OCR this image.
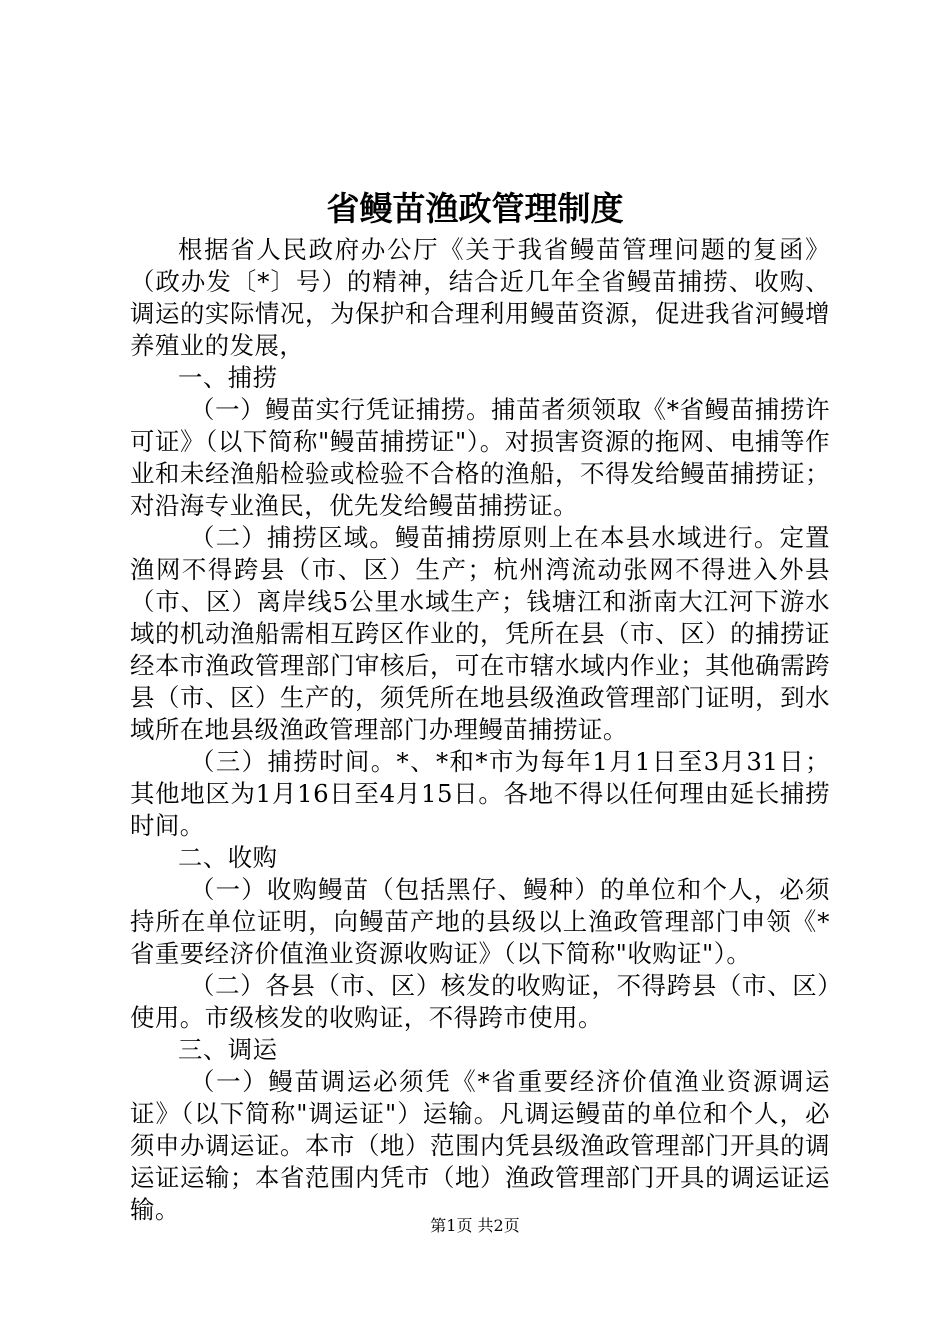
省鳗苗渔政管理制度

根据省人民政府办公厅《关于我省鳗苗管理问题的复函》（政办发〔*〕号）的精神，结合近几年全省鳗苗捕捞、收购、调运的实际情况，为保护和合理利用鳗苗资源，促进我省河鳗增养殖业的发展，

一、捕捞

（一）鳗苗实行凭证捕捞。捕苗者须领取《*省鳗苗捕捞许可证》（以下简称"鳗苗捕捞证"）。对损害资源的拖网、电捕等作业和未经渔船检验或检验不合格的渔船，不得发给鳗苗捕捞证；对沿海专业渔民，优先发给鳗苗捕捞证。

（二）捕捞区域。鳗苗捕捞原则上在本县水域进行。定置渔网不得跨县（市、区）生产；杭州湾流动张网不得进入外县（市、区）离岸线5公里水域生产；钱塘江和浙南大江河下游水域的机动渔船需相互跨区作业的，凭所在县（市、区）的捕捞证经本市渔政管理部门审核后，可在市辖水域内作业；其他确需跨县（市、区）生产的，须凭所在地县级渔政管理部门证明，到水域所在地县级渔政管理部门办理鳗苗捕捞证。

（三）捕捞时间。*、*和*市为每年1月1日至3月31日；其他地区为1月16日至4月15日。各地不得以任何理由延长捕捞时间。

二、收购

（一）收购鳗苗（包括黑仔、鳗种）的单位和个人，必须持所在单位证明，向鳗苗产地的县级以上渔政管理部门申领《*省重要经济价值渔业资源收购证》（以下简称"收购证"）。

（二）各县（市、区）核发的收购证，不得跨县（市、区）使用。市级核发的收购证，不得跨市使用。

三、调运

（一）鳗苗调运必须凭《*省重要经济价值渔业资源调运证》（以下简称"调运证"）运输。凡调运鳗苗的单位和个人，必须申办调运证。本市（地）范围内凭县级渔政管理部门开具的调运证运输；本省范围内凭市（地）渔政管理部门开具的调运证运输。

第1页 共2页
